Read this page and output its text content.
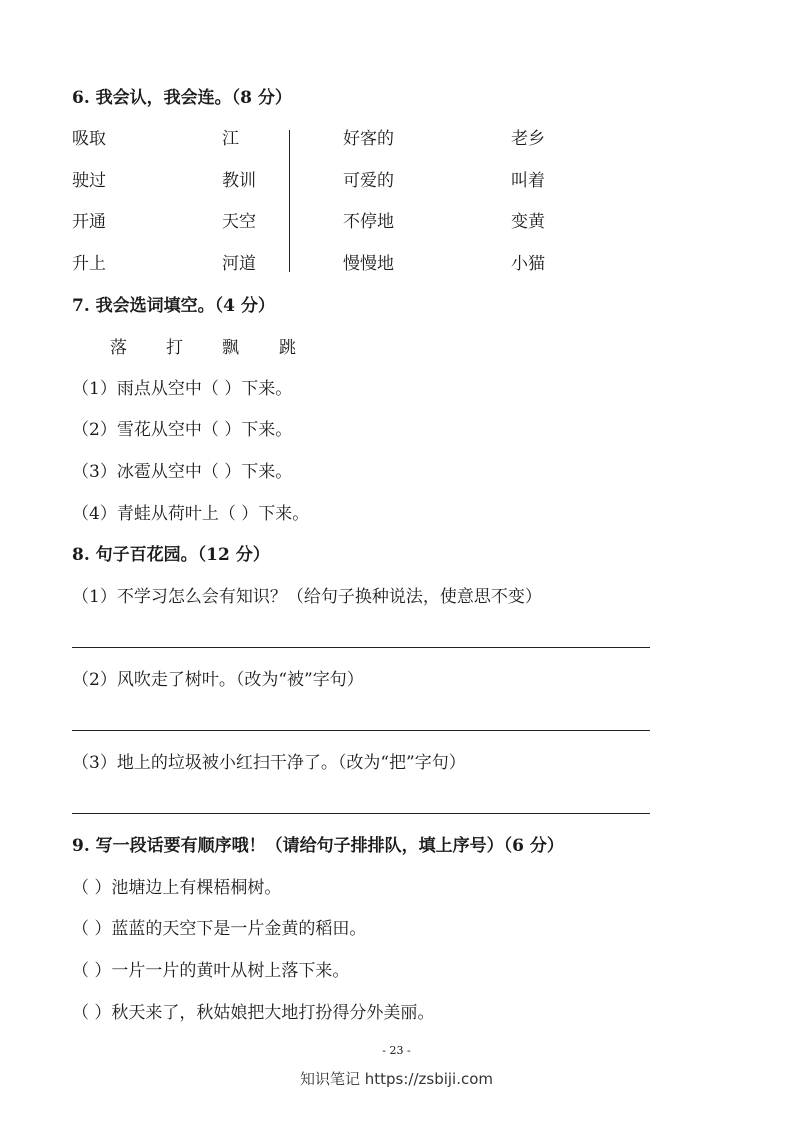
6. 我会认，我会连。（8 分）
吸取
驶过
开通
升上
江
教训
天空
河道
好客的
可爱的
不停地
慢慢地
老乡
叫着
变黄
小猫
7. 我会选词填空。（4 分）
落 打 飘 跳
（1）雨点从空中（ ）下来。
（2）雪花从空中（ ）下来。
（3）冰雹从空中（ ）下来。
（4）青蛙从荷叶上（ ）下来。
8. 句子百花园。（12 分）
（1）不学习怎么会有知识？（给句子换种说法，使意思不变）
（2）风吹走了树叶。（改为“被”字句）
（3）地上的垃圾被小红扫干净了。（改为“把”字句）
9. 写一段话要有顺序哦！（请给句子排排队，填上序号）（6 分）
（ ）池塘边上有棵梧桐树。
（ ）蓝蓝的天空下是一片金黄的稻田。
（ ）一片一片的黄叶从树上落下来。
（ ）秋天来了，秋姑娘把大地打扮得分外美丽。
- 23 -
知识笔记 https://zsbiji.com
